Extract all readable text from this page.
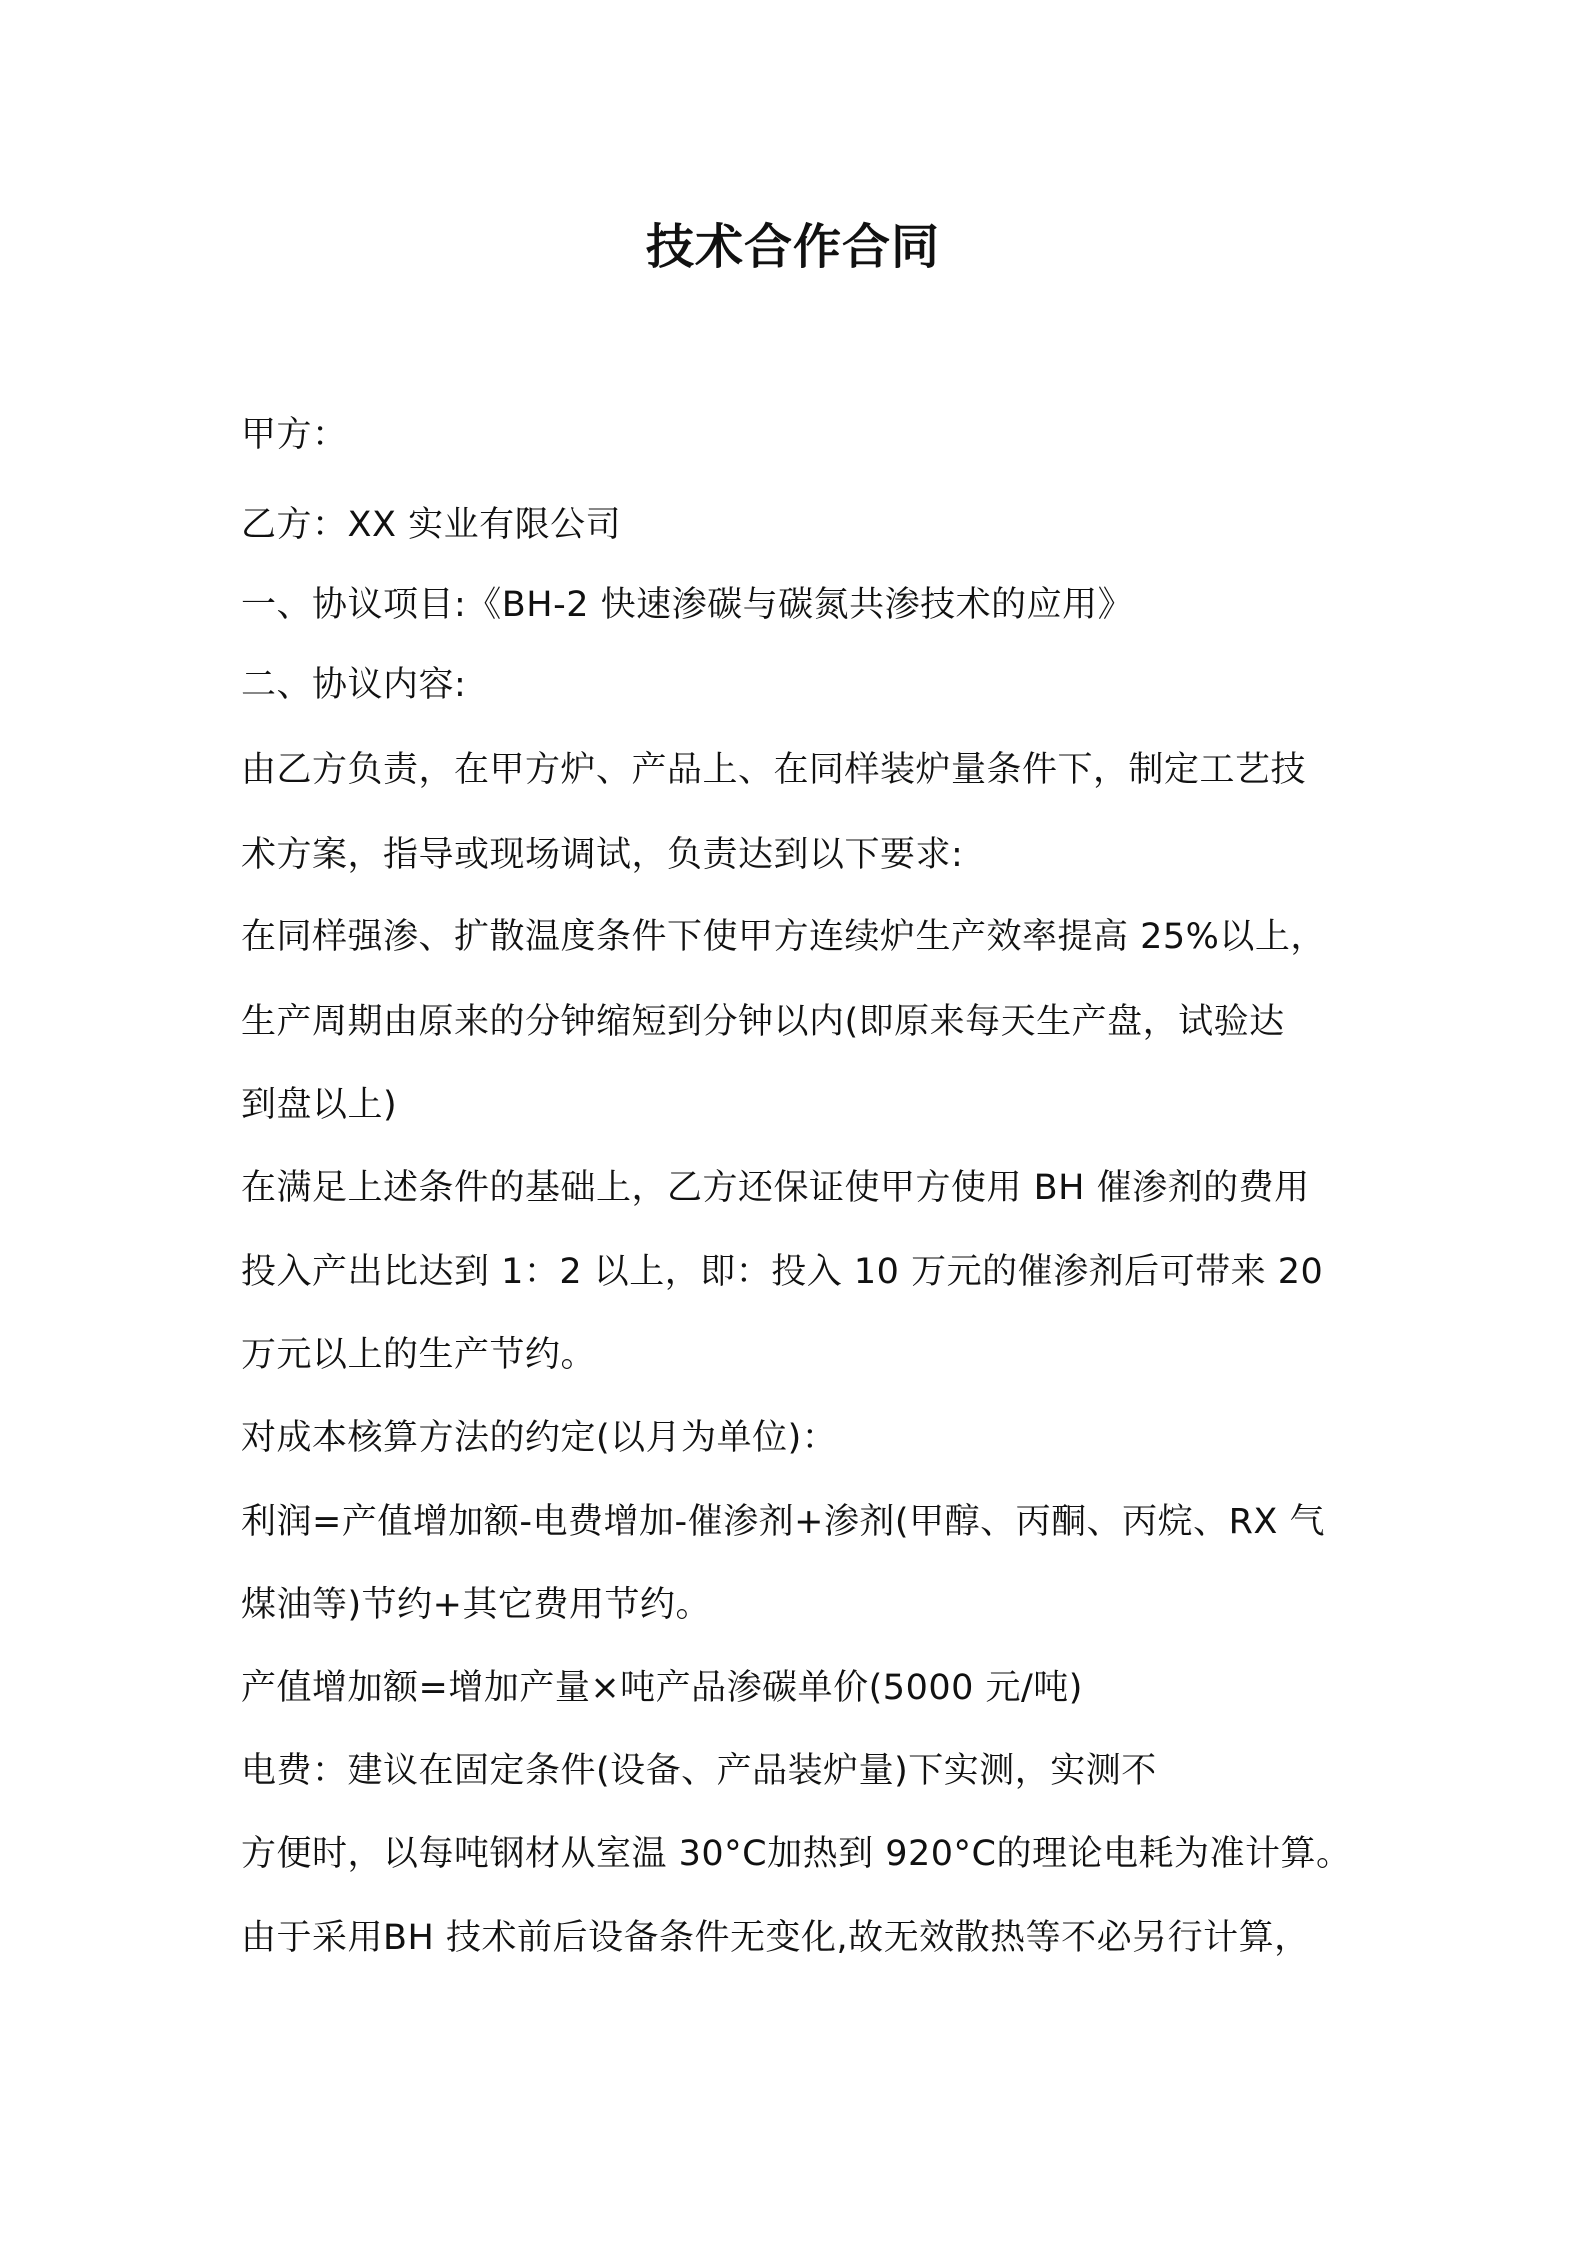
技术合作合同
甲方：
乙方：XX 实业有限公司
一、协议项目:《BH-2 快速渗碳与碳氮共渗技术的应用》
二、协议内容:
由乙方负责，在甲方炉、产品上、在同样装炉量条件下，制定工艺技
术方案，指导或现场调试，负责达到以下要求:
在同样强渗、扩散温度条件下使甲方连续炉生产效率提高 25%以上，
生产周期由原来的分钟缩短到分钟以内(即原来每天生产盘，试验达
到盘以上)
在满足上述条件的基础上，乙方还保证使甲方使用 BH 催渗剂的费用
投入产出比达到 1：2 以上，即：投入 10 万元的催渗剂后可带来 20
万元以上的生产节约。
对成本核算方法的约定(以月为单位)：
利润=产值增加额-电费增加-催渗剂+渗剂(甲醇、丙酮、丙烷、RX 气
煤油等)节约+其它费用节约。
产值增加额=增加产量×吨产品渗碳单价(5000 元/吨)
电费：建议在固定条件(设备、产品装炉量)下实测，实测不
方便时，以每吨钢材从室温 30°C加热到 920°C的理论电耗为准计算。
由于采用BH 技术前后设备条件无变化,故无效散热等不必另行计算，
